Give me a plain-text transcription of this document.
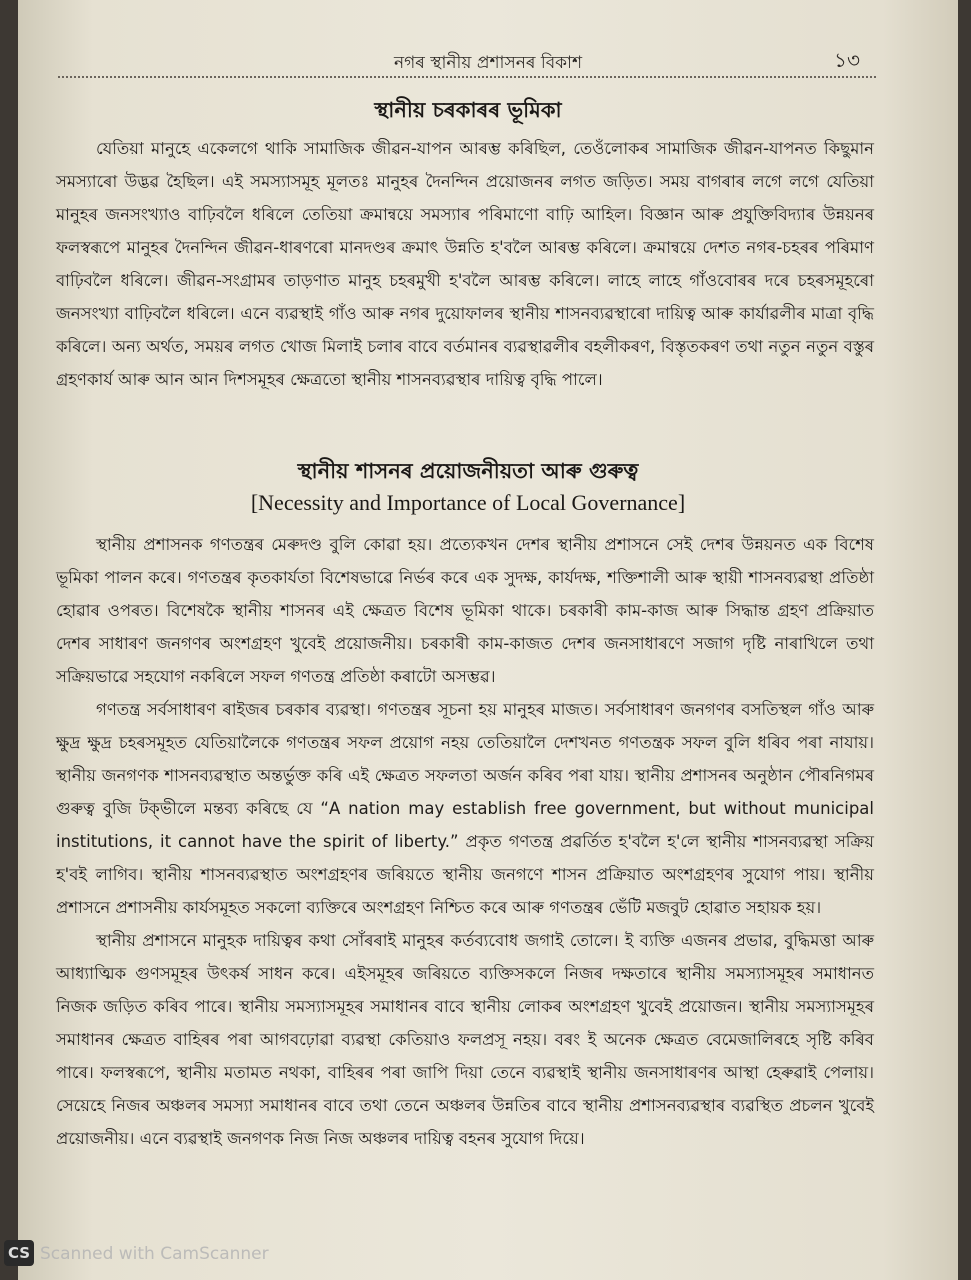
নগৰ স্থানীয় প্ৰশাসনৰ বিকাশ	১৩
স্থানীয় চৰকাৰৰ ভূমিকা

যেতিয়া মানুহে একেলগে থাকি সামাজিক জীৱন-যাপন আৰম্ভ কৰিছিল, তেওঁলোকৰ সামাজিক জীৱন-যাপনত কিছুমান সমস্যাৰো উদ্ভৱ হৈছিল। এই সমস্যাসমূহ মূলতঃ মানুহৰ দৈনন্দিন প্ৰয়োজনৰ লগত জড়িত। সময় বাগৰাৰ লগে লগে যেতিয়া মানুহৰ জনসংখ্যাও বাঢ়িবলৈ ধৰিলে তেতিয়া ক্ৰমান্বয়ে সমস্যাৰ পৰিমাণো বাঢ়ি আহিল। বিজ্ঞান আৰু প্ৰযুক্তিবিদ্যাৰ উন্নয়নৰ ফলস্বৰূপে মানুহৰ দৈনন্দিন জীৱন-ধাৰণৰো মানদণ্ডৰ ক্ৰমাৎ উন্নতি হ'বলৈ আৰম্ভ কৰিলে। ক্ৰমান্বয়ে দেশত নগৰ-চহৰৰ পৰিমাণ বাঢ়িবলৈ ধৰিলে। জীৱন-সংগ্ৰামৰ তাড়ণাত মানুহ চহৰমুখী হ'বলৈ আৰম্ভ কৰিলে। লাহে লাহে গাঁওবোৰৰ দৰে চহৰসমূহৰো জনসংখ্যা বাঢ়িবলৈ ধৰিলে। এনে ব্যৱস্থাই গাঁও আৰু নগৰ দুয়োফালৰ স্থানীয় শাসনব্যৱস্থাৰো দায়িত্ব আৰু কাৰ্যাৱলীৰ মাত্ৰা বৃদ্ধি কৰিলে। অন্য অৰ্থত, সময়ৰ লগত খোজ মিলাই চলাৰ বাবে বৰ্তমানৰ ব্যৱস্থাৱলীৰ বহলীকৰণ, বিস্তৃতকৰণ তথা নতুন নতুন বস্তুৰ গ্ৰহণকাৰ্য আৰু আন আন দিশসমূহৰ ক্ষেত্ৰতো স্থানীয় শাসনব্যৱস্থাৰ দায়িত্ব বৃদ্ধি পালে।

স্থানীয় শাসনৰ প্ৰয়োজনীয়তা আৰু গুৰুত্ব
[Necessity and Importance of Local Governance]

স্থানীয় প্ৰশাসনক গণতন্ত্ৰৰ মেৰুদণ্ড বুলি কোৱা হয়। প্ৰত্যেকখন দেশৰ স্থানীয় প্ৰশাসনে সেই দেশৰ উন্নয়নত এক বিশেষ ভূমিকা পালন কৰে। গণতন্ত্ৰৰ কৃতকাৰ্যতা বিশেষভাৱে নিৰ্ভৰ কৰে এক সুদক্ষ, কাৰ্যদক্ষ, শক্তিশালী আৰু স্থায়ী শাসনব্যৱস্থা প্ৰতিষ্ঠা হোৱাৰ ওপৰত। বিশেষকৈ স্থানীয় শাসনৰ এই ক্ষেত্ৰত বিশেষ ভূমিকা থাকে। চৰকাৰী কাম-কাজ আৰু সিদ্ধান্ত গ্ৰহণ প্ৰক্ৰিয়াত দেশৰ সাধাৰণ জনগণৰ অংশগ্ৰহণ খুবেই প্ৰয়োজনীয়। চৰকাৰী কাম-কাজত দেশৰ জনসাধাৰণে সজাগ দৃষ্টি নাৰাখিলে তথা সক্ৰিয়ভাৱে সহযোগ নকৰিলে সফল গণতন্ত্ৰ প্ৰতিষ্ঠা কৰাটো অসম্ভৱ।

গণতন্ত্ৰ সৰ্বসাধাৰণ ৰাইজৰ চৰকাৰ ব্যৱস্থা। গণতন্ত্ৰৰ সূচনা হয় মানুহৰ মাজত। সৰ্বসাধাৰণ জনগণৰ বসতিস্থল গাঁও আৰু ক্ষুদ্ৰ ক্ষুদ্ৰ চহৰসমূহত যেতিয়ালৈকে গণতন্ত্ৰৰ সফল প্ৰয়োগ নহয় তেতিয়ালৈ দেশখনত গণতন্ত্ৰক সফল বুলি ধৰিব পৰা নাযায়। স্থানীয় জনগণক শাসনব্যৱস্থাত অন্তৰ্ভুক্ত কৰি এই ক্ষেত্ৰত সফলতা অৰ্জন কৰিব পৰা যায়। স্থানীয় প্ৰশাসনৰ অনুষ্ঠান পৌৰনিগমৰ গুৰুত্ব বুজি টক্‌ভীলে মন্তব্য কৰিছে যে “A nation may establish free government, but without municipal institutions, it cannot have the spirit of liberty.” প্ৰকৃত গণতন্ত্ৰ প্ৰৱৰ্তিত হ'বলৈ হ'লে স্থানীয় শাসনব্যৱস্থা সক্ৰিয় হ'বই লাগিব। স্থানীয় শাসনব্যৱস্থাত অংশগ্ৰহণৰ জৰিয়তে স্থানীয় জনগণে শাসন প্ৰক্ৰিয়াত অংশগ্ৰহণৰ সুযোগ পায়। স্থানীয় প্ৰশাসনে প্ৰশাসনীয় কাৰ্যসমূহত সকলো ব্যক্তিৰে অংশগ্ৰহণ নিশ্চিত কৰে আৰু গণতন্ত্ৰৰ ভেঁটি মজবুট হোৱাত সহায়ক হয়।

স্থানীয় প্ৰশাসনে মানুহক দায়িত্বৰ কথা সোঁৰৰাই মানুহৰ কৰ্তব্যবোধ জগাই তোলে। ই ব্যক্তি এজনৰ প্ৰভাৱ, বুদ্ধিমত্তা আৰু আধ্যাত্মিক গুণসমূহৰ উৎকৰ্ষ সাধন কৰে। এইসমূহৰ জৰিয়তে ব্যক্তিসকলে নিজৰ দক্ষতাৰে স্থানীয় সমস্যাসমূহৰ সমাধানত নিজক জড়িত কৰিব পাৰে। স্থানীয় সমস্যাসমূহৰ সমাধানৰ বাবে স্থানীয় লোকৰ অংশগ্ৰহণ খুবেই প্ৰয়োজন। স্থানীয় সমস্যাসমূহৰ সমাধানৰ ক্ষেত্ৰত বাহিৰৰ পৰা আগবঢ়োৱা ব্যৱস্থা কেতিয়াও ফলপ্ৰসূ নহয়। বৰং ই অনেক ক্ষেত্ৰত বেমেজালিৰহে সৃষ্টি কৰিব পাৰে। ফলস্বৰূপে, স্থানীয় মতামত নথকা, বাহিৰৰ পৰা জাপি দিয়া তেনে ব্যৱস্থাই স্থানীয় জনসাধাৰণৰ আস্থা হেৰুৱাই পেলায়। সেয়েহে নিজৰ অঞ্চলৰ সমস্যা সমাধানৰ বাবে তথা তেনে অঞ্চলৰ উন্নতিৰ বাবে স্থানীয় প্ৰশাসনব্যৱস্থাৰ ব্যৱস্থিত প্ৰচলন খুবেই প্ৰয়োজনীয়। এনে ব্যৱস্থাই জনগণক নিজ নিজ অঞ্চলৰ দায়িত্ব বহনৰ সুযোগ দিয়ে।

CS Scanned with CamScanner
